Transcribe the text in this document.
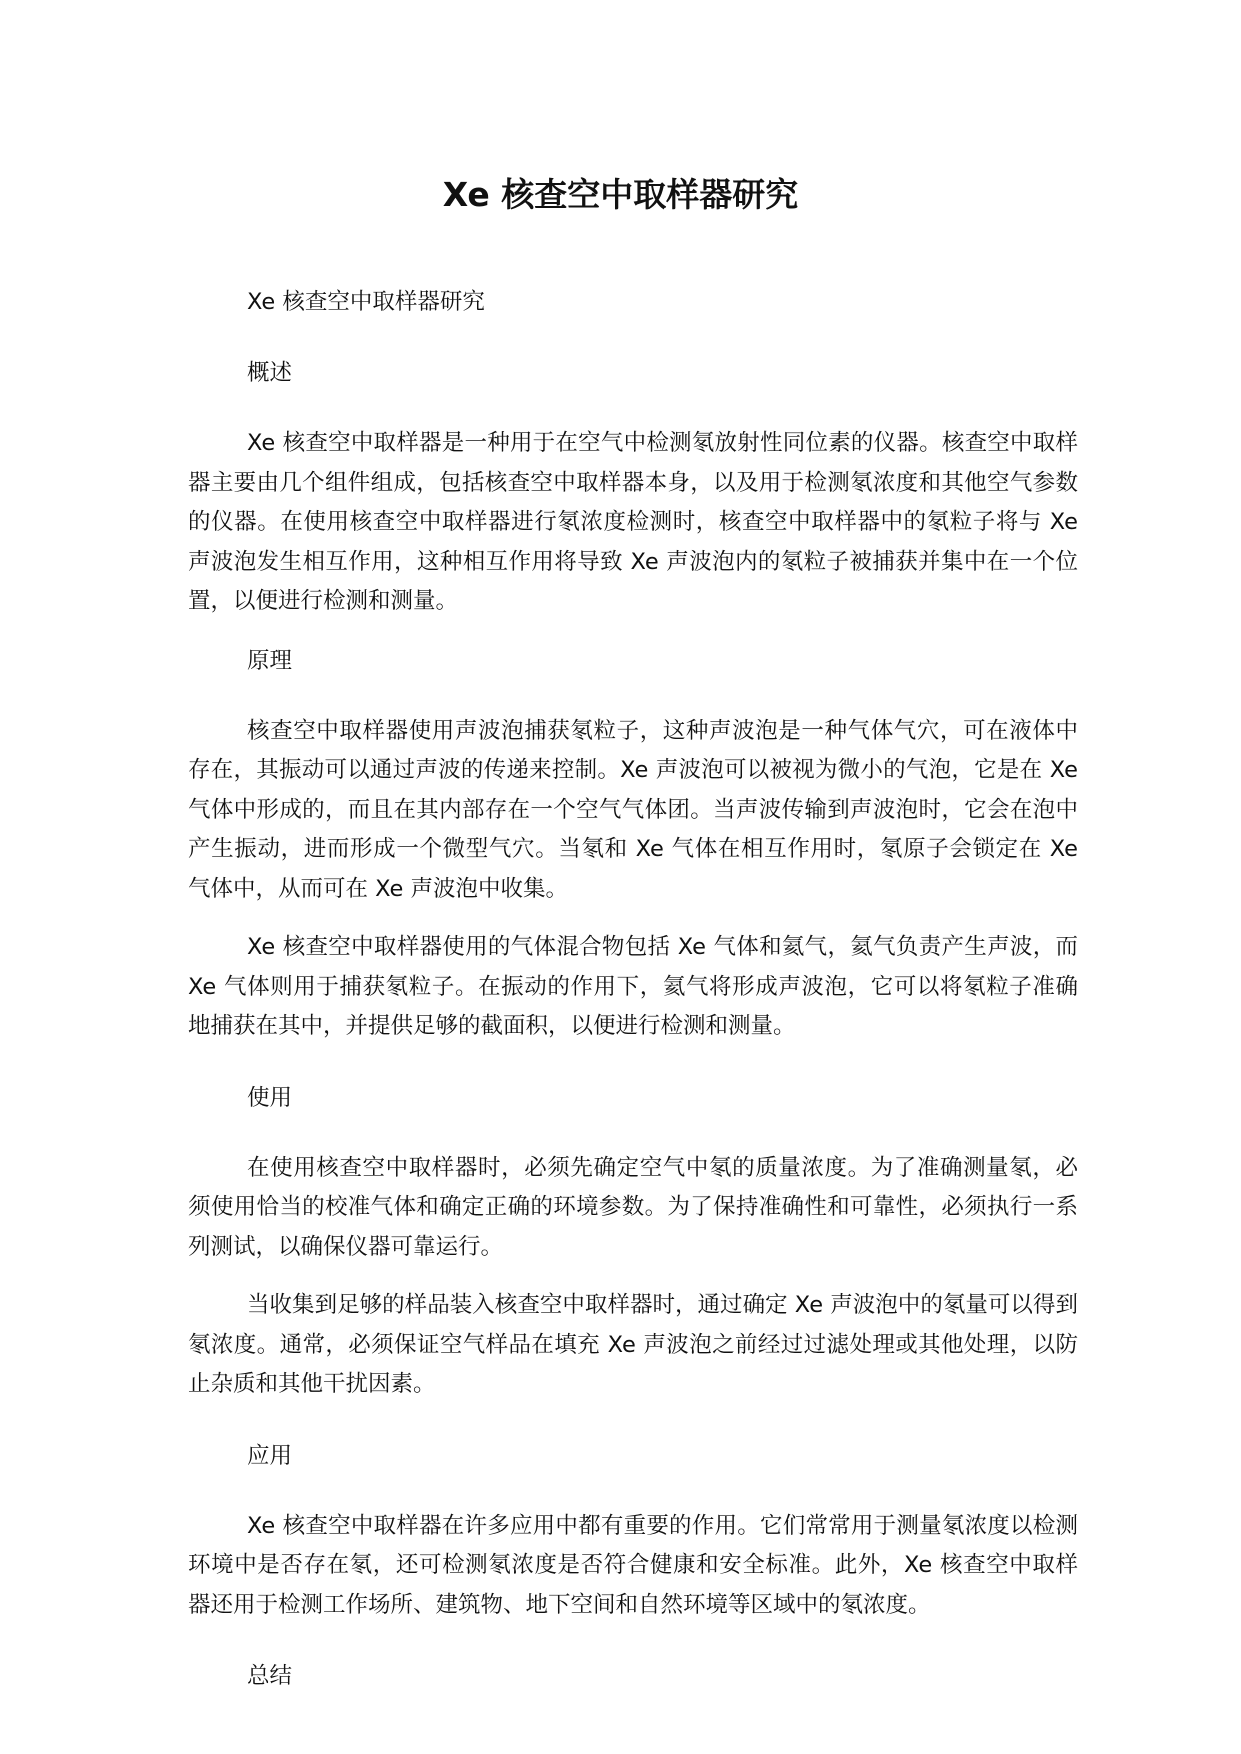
Xe 核查空中取样器研究

Xe 核查空中取样器研究

概述

Xe 核查空中取样器是一种用于在空气中检测氡放射性同位素的仪器。核查空中取样器主要由几个组件组成，包括核查空中取样器本身，以及用于检测氡浓度和其他空气参数的仪器。在使用核查空中取样器进行氡浓度检测时，核查空中取样器中的氡粒子将与 Xe 声波泡发生相互作用，这种相互作用将导致 Xe 声波泡内的氡粒子被捕获并集中在一个位置，以便进行检测和测量。

原理

核查空中取样器使用声波泡捕获氡粒子，这种声波泡是一种气体气穴，可在液体中存在，其振动可以通过声波的传递来控制。Xe 声波泡可以被视为微小的气泡，它是在 Xe 气体中形成的，而且在其内部存在一个空气气体团。当声波传输到声波泡时，它会在泡中产生振动，进而形成一个微型气穴。当氡和 Xe 气体在相互作用时，氡原子会锁定在 Xe 气体中，从而可在 Xe 声波泡中收集。

Xe 核查空中取样器使用的气体混合物包括 Xe 气体和氦气，氦气负责产生声波，而 Xe 气体则用于捕获氡粒子。在振动的作用下，氦气将形成声波泡，它可以将氡粒子准确地捕获在其中，并提供足够的截面积，以便进行检测和测量。

使用

在使用核查空中取样器时，必须先确定空气中氡的质量浓度。为了准确测量氡，必须使用恰当的校准气体和确定正确的环境参数。为了保持准确性和可靠性，必须执行一系列测试，以确保仪器可靠运行。

当收集到足够的样品装入核查空中取样器时，通过确定 Xe 声波泡中的氡量可以得到氡浓度。通常，必须保证空气样品在填充 Xe 声波泡之前经过过滤处理或其他处理，以防止杂质和其他干扰因素。

应用

Xe 核查空中取样器在许多应用中都有重要的作用。它们常常用于测量氡浓度以检测环境中是否存在氡，还可检测氡浓度是否符合健康和安全标准。此外，Xe 核查空中取样器还用于检测工作场所、建筑物、地下空间和自然环境等区域中的氡浓度。

总结
